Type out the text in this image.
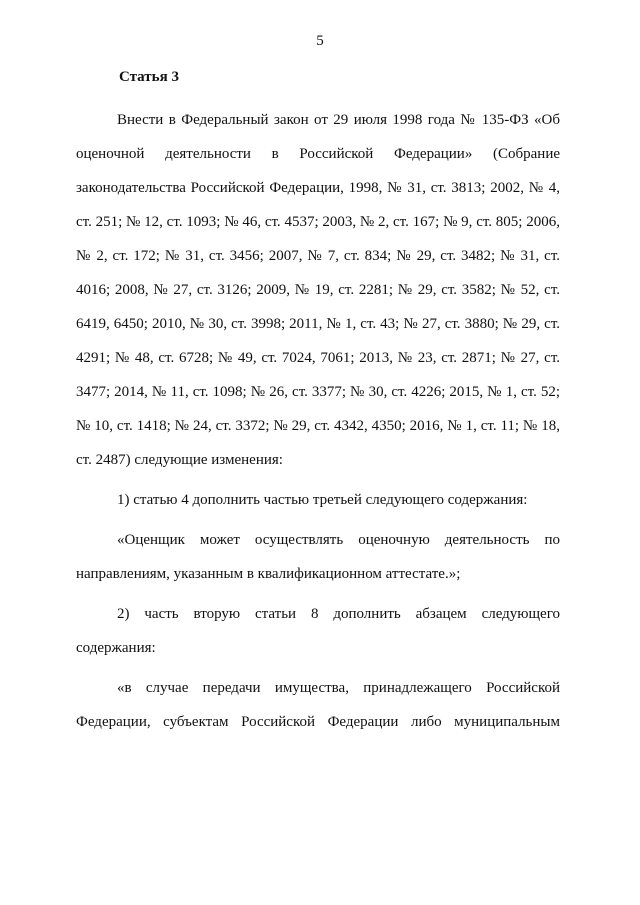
5
Статья 3

Внести в Федеральный закон от 29 июля 1998 года № 135-ФЗ «Об оценочной деятельности в Российской Федерации» (Собрание законодательства Российской Федерации, 1998, № 31, ст. 3813; 2002, № 4, ст. 251; № 12, ст. 1093; № 46, ст. 4537; 2003, № 2, ст. 167; № 9, ст. 805; 2006, № 2, ст. 172; № 31, ст. 3456; 2007, № 7, ст. 834; № 29, ст. 3482; № 31, ст. 4016; 2008, № 27, ст. 3126; 2009, № 19, ст. 2281; № 29, ст. 3582; № 52, ст. 6419, 6450; 2010, № 30, ст. 3998; 2011, № 1, ст. 43; № 27, ст. 3880; № 29, ст. 4291; № 48, ст. 6728; № 49, ст. 7024, 7061; 2013, № 23, ст. 2871; № 27, ст. 3477; 2014, № 11, ст. 1098; № 26, ст. 3377; № 30, ст. 4226; 2015, № 1, ст. 52; № 10, ст. 1418; № 24, ст. 3372; № 29, ст. 4342, 4350; 2016, № 1, ст. 11; № 18, ст. 2487) следующие изменения:

1) статью 4 дополнить частью третьей следующего содержания:

«Оценщик может осуществлять оценочную деятельность по направлениям, указанным в квалификационном аттестате.»;

2) часть вторую статьи 8 дополнить абзацем следующего содержания:

«в случае передачи имущества, принадлежащего Российской Федерации, субъектам Российской Федерации либо муниципальным
